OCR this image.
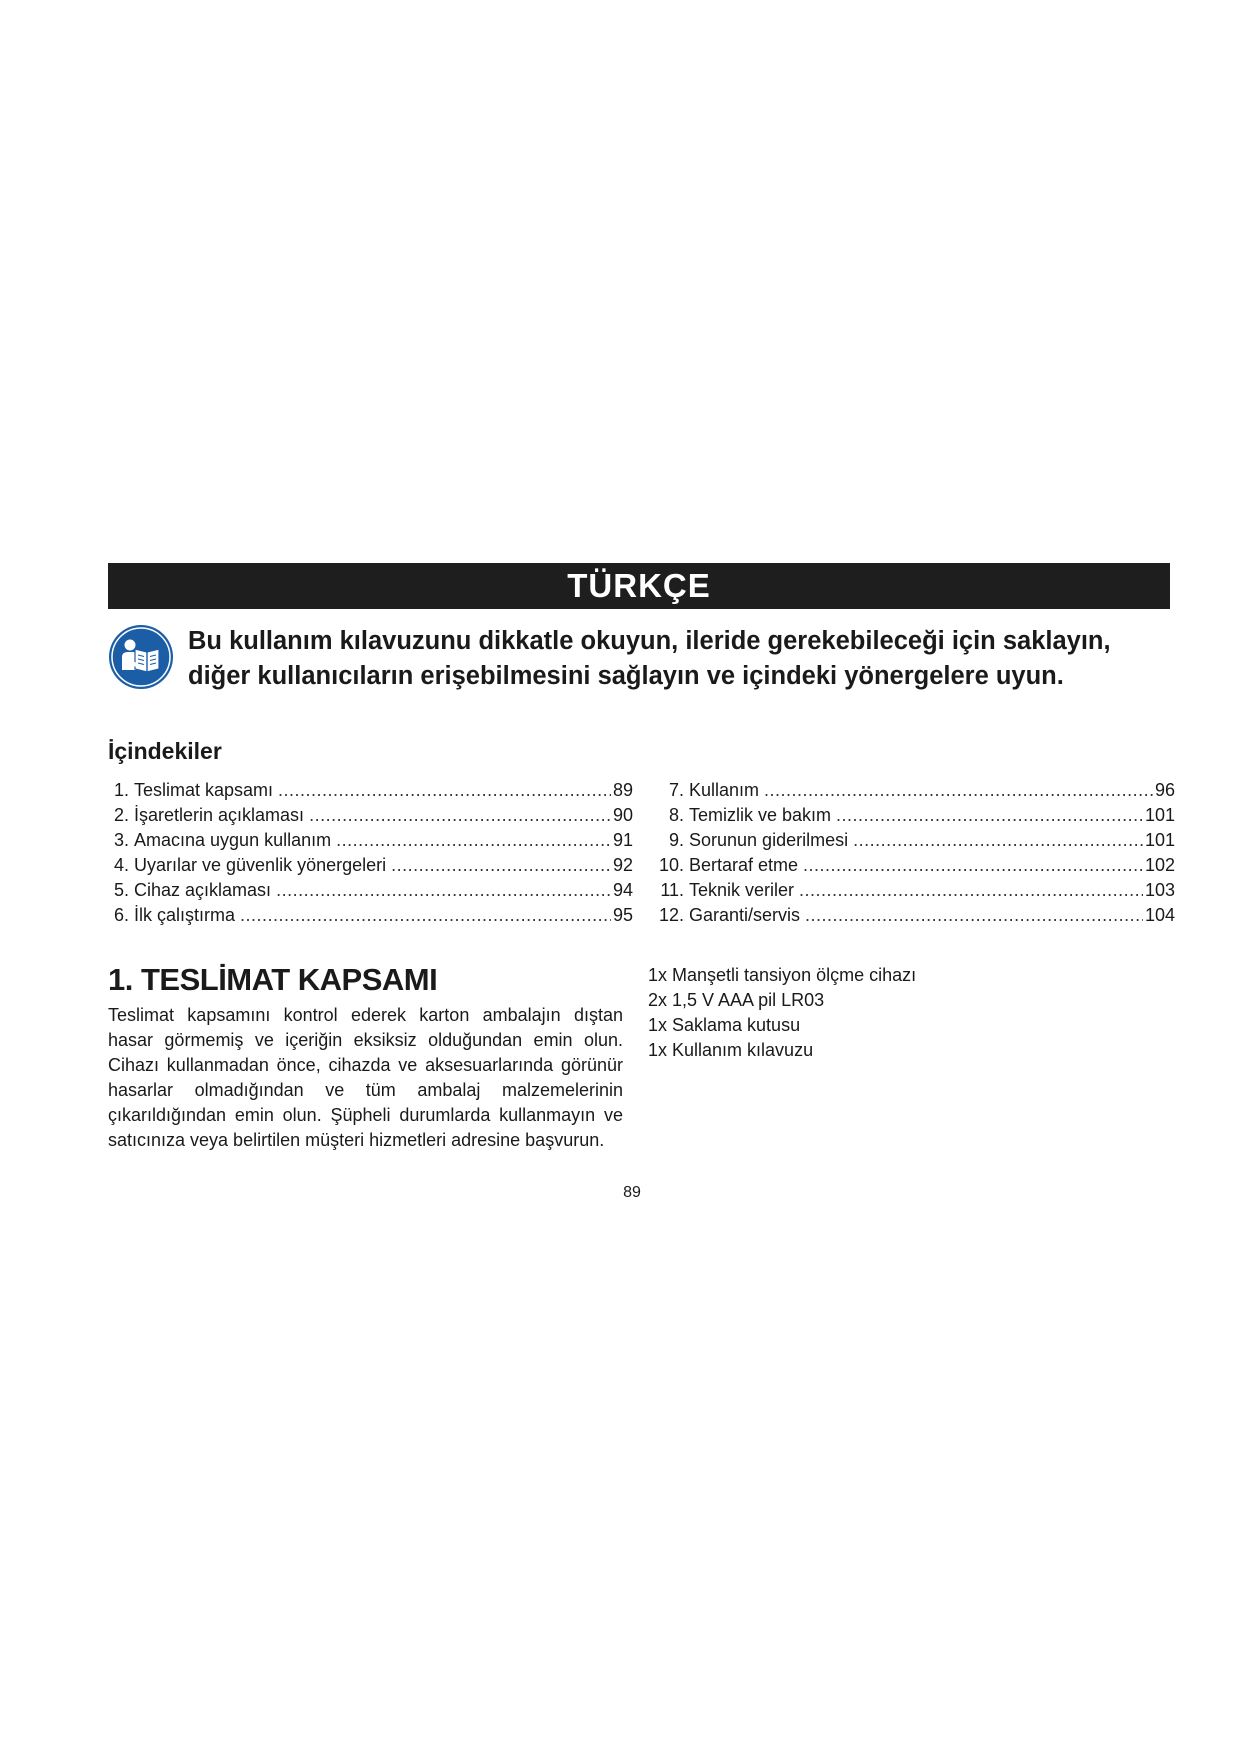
TÜRKÇE
Bu kullanım kılavuzunu dikkatle okuyun, ileride gerekebileceği için saklayın, diğer kullanıcıların erişebilmesini sağlayın ve içindeki yönergelere uyun.
İçindekiler
1. Teslimat kapsamı .....	89
2. İşaretlerin açıklaması .....	90
3. Amacına uygun kullanım .....	91
4. Uyarılar ve güvenlik yönergeleri .....	92
5. Cihaz açıklaması .....	94
6. İlk çalıştırma .....	95
7. Kullanım .....	96
8. Temizlik ve bakım .....	101
9. Sorunun giderilmesi .....	101
10. Bertaraf etme .....	102
11. Teknik veriler .....	103
12. Garanti/servis .....	104
1. TESLİMAT KAPSAMI

Teslimat kapsamını kontrol ederek karton ambalajın dıştan hasar görmemiş ve içeriğin eksiksiz olduğundan emin olun. Cihazı kullanmadan önce, cihazda ve aksesuarlarında görünür hasarlar olmadığından ve tüm ambalaj malzemelerinin çıkarıldığından emin olun. Şüpheli durumlarda kullanmayın ve satıcınıza veya belirtilen müşteri hizmetleri adresine başvurun.

1x Manşetli tansiyon ölçme cihazı
2x 1,5 V AAA pil LR03
1x Saklama kutusu
1x Kullanım kılavuzu
89
